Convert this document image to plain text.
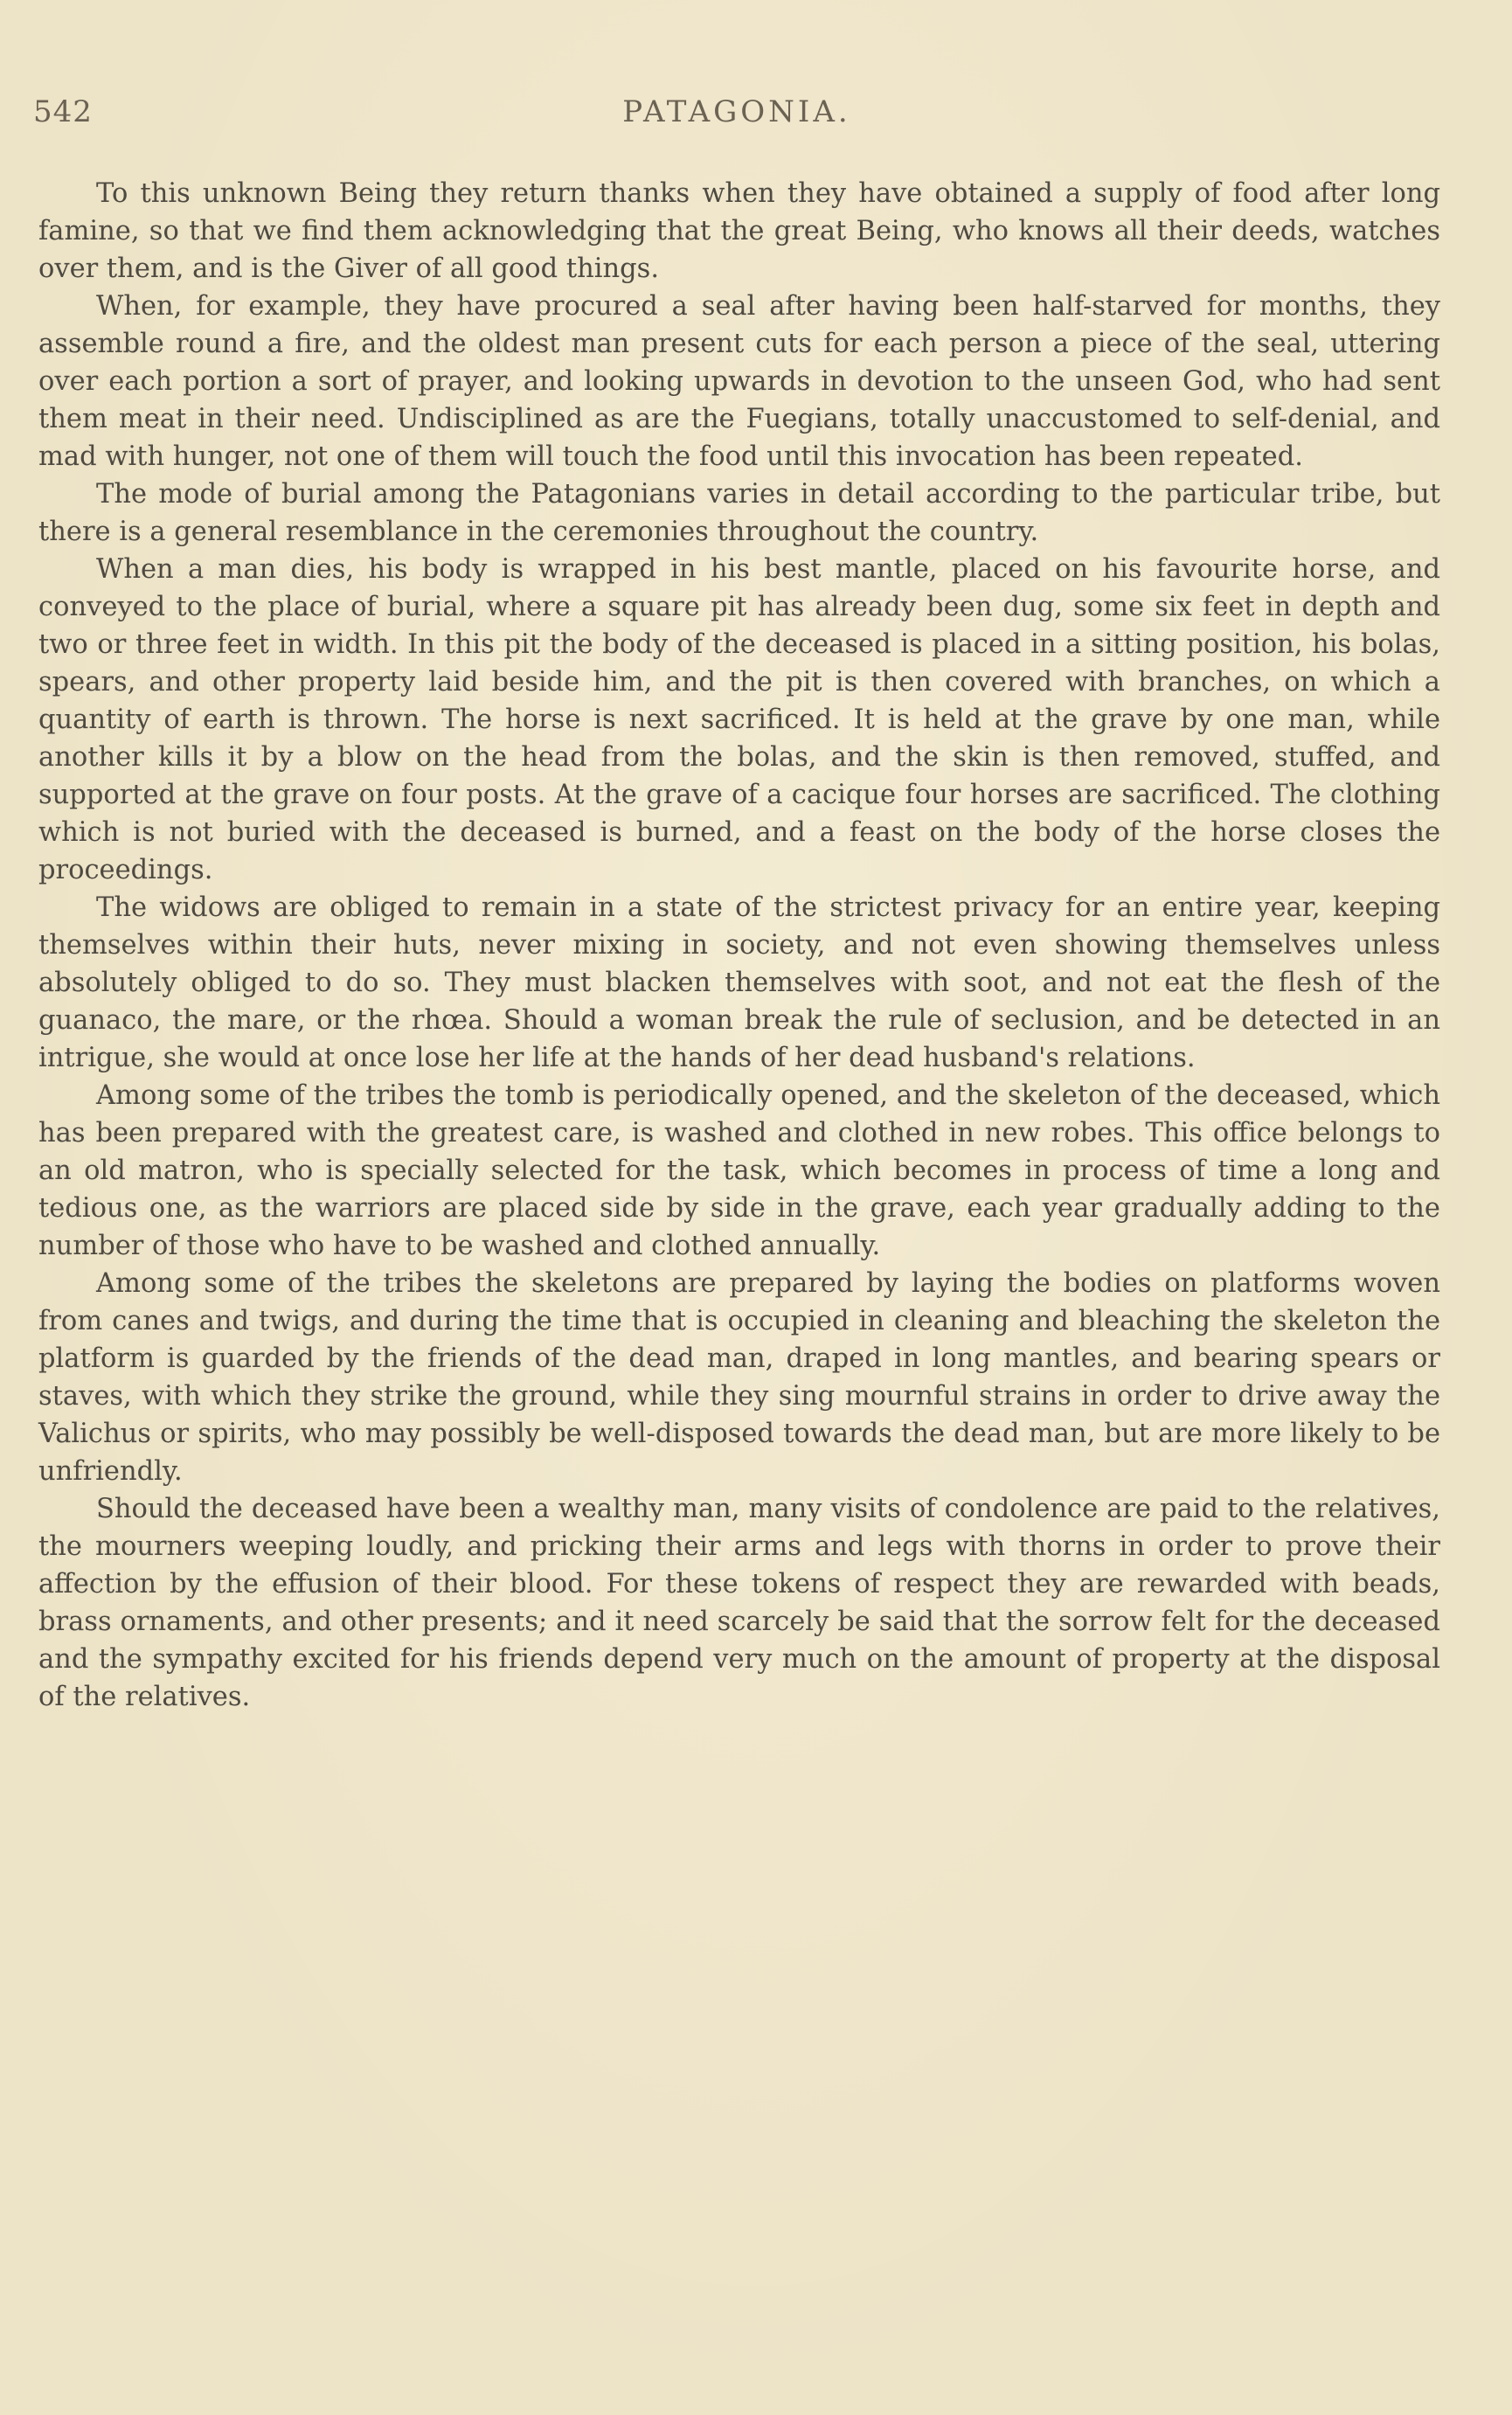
542	PATAGONIA.

To this unknown Being they return thanks when they have obtained a supply of food after long famine, so that we find them acknowledging that the great Being, who knows all their deeds, watches over them, and is the Giver of all good things.

When, for example, they have procured a seal after having been half-starved for months, they assemble round a fire, and the oldest man present cuts for each person a piece of the seal, uttering over each portion a sort of prayer, and looking upwards in devotion to the unseen God, who had sent them meat in their need. Undisciplined as are the Fuegians, totally unaccustomed to self-denial, and mad with hunger, not one of them will touch the food until this invocation has been repeated.

The mode of burial among the Patagonians varies in detail according to the particular tribe, but there is a general resemblance in the ceremonies throughout the country.

When a man dies, his body is wrapped in his best mantle, placed on his favourite horse, and conveyed to the place of burial, where a square pit has already been dug, some six feet in depth and two or three feet in width. In this pit the body of the deceased is placed in a sitting position, his bolas, spears, and other property laid beside him, and the pit is then covered with branches, on which a quantity of earth is thrown. The horse is next sacrificed. It is held at the grave by one man, while another kills it by a blow on the head from the bolas, and the skin is then removed, stuffed, and supported at the grave on four posts. At the grave of a cacique four horses are sacrificed. The clothing which is not buried with the deceased is burned, and a feast on the body of the horse closes the proceedings.

The widows are obliged to remain in a state of the strictest privacy for an entire year, keeping themselves within their huts, never mixing in society, and not even showing themselves unless absolutely obliged to do so. They must blacken themselves with soot, and not eat the flesh of the guanaco, the mare, or the rhœa. Should a woman break the rule of seclusion, and be detected in an intrigue, she would at once lose her life at the hands of her dead husband's relations.

Among some of the tribes the tomb is periodically opened, and the skeleton of the deceased, which has been prepared with the greatest care, is washed and clothed in new robes. This office belongs to an old matron, who is specially selected for the task, which becomes in process of time a long and tedious one, as the warriors are placed side by side in the grave, each year gradually adding to the number of those who have to be washed and clothed annually.

Among some of the tribes the skeletons are prepared by laying the bodies on platforms woven from canes and twigs, and during the time that is occupied in cleaning and bleaching the skeleton the platform is guarded by the friends of the dead man, draped in long mantles, and bearing spears or staves, with which they strike the ground, while they sing mournful strains in order to drive away the Valichus or spirits, who may possibly be well-disposed towards the dead man, but are more likely to be unfriendly.

Should the deceased have been a wealthy man, many visits of condolence are paid to the relatives, the mourners weeping loudly, and pricking their arms and legs with thorns in order to prove their affection by the effusion of their blood. For these tokens of respect they are rewarded with beads, brass ornaments, and other presents; and it need scarcely be said that the sorrow felt for the deceased and the sympathy excited for his friends depend very much on the amount of property at the disposal of the relatives.
